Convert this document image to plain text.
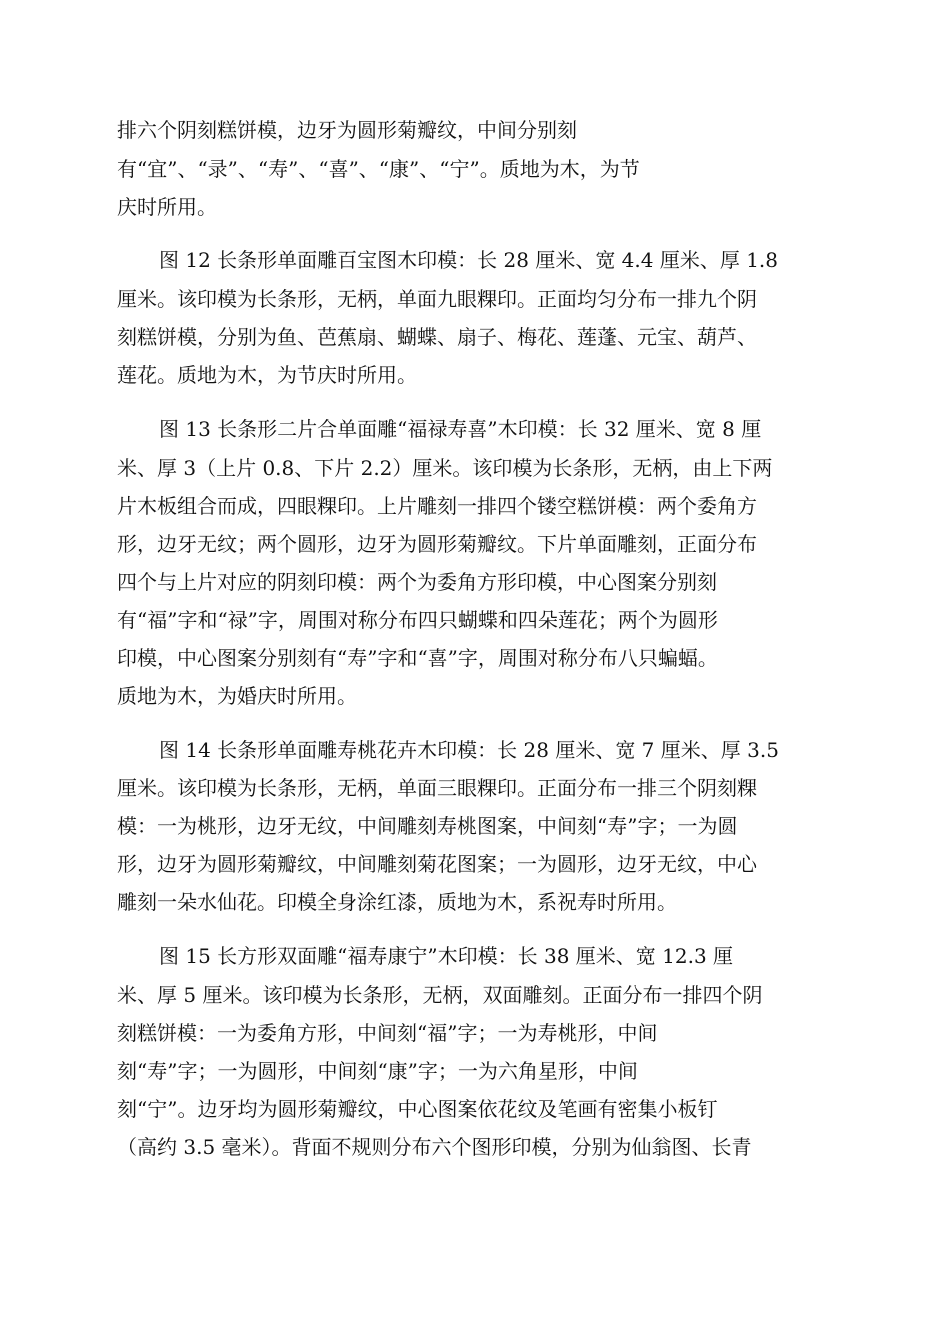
排六个阴刻糕饼模，边牙为圆形菊瓣纹，中间分别刻
有“宜”、“录”、“寿”、“喜”、“康”、“宁”。质地为木，为节
庆时所用。
图 12 长条形单面雕百宝图木印模：长 28 厘米、宽 4.4 厘米、厚 1.8
厘米。该印模为长条形，无柄，单面九眼粿印。正面均匀分布一排九个阴
刻糕饼模，分别为鱼、芭蕉扇、蝴蝶、扇子、梅花、莲蓬、元宝、葫芦、
莲花。质地为木，为节庆时所用。
图 13 长条形二片合单面雕“福禄寿喜”木印模：长 32 厘米、宽 8 厘
米、厚 3（上片 0.8、下片 2.2）厘米。该印模为长条形，无柄，由上下两
片木板组合而成，四眼粿印。上片雕刻一排四个镂空糕饼模：两个委角方
形，边牙无纹；两个圆形，边牙为圆形菊瓣纹。下片单面雕刻，正面分布
四个与上片对应的阴刻印模：两个为委角方形印模，中心图案分别刻
有“福”字和“禄”字，周围对称分布四只蝴蝶和四朵莲花；两个为圆形
印模，中心图案分别刻有“寿”字和“喜”字，周围对称分布八只蝙蝠。
质地为木，为婚庆时所用。
图 14 长条形单面雕寿桃花卉木印模：长 28 厘米、宽 7 厘米、厚 3.5
厘米。该印模为长条形，无柄，单面三眼粿印。正面分布一排三个阴刻粿
模：一为桃形，边牙无纹，中间雕刻寿桃图案，中间刻“寿”字；一为圆
形，边牙为圆形菊瓣纹，中间雕刻菊花图案；一为圆形，边牙无纹，中心
雕刻一朵水仙花。印模全身涂红漆，质地为木，系祝寿时所用。
图 15 长方形双面雕“福寿康宁”木印模：长 38 厘米、宽 12.3 厘
米、厚 5 厘米。该印模为长条形，无柄，双面雕刻。正面分布一排四个阴
刻糕饼模：一为委角方形，中间刻“福”字；一为寿桃形，中间
刻“寿”字；一为圆形，中间刻“康”字；一为六角星形，中间
刻“宁”。边牙均为圆形菊瓣纹，中心图案依花纹及笔画有密集小板钉
（高约 3.5 毫米）。背面不规则分布六个图形印模，分别为仙翁图、长青
